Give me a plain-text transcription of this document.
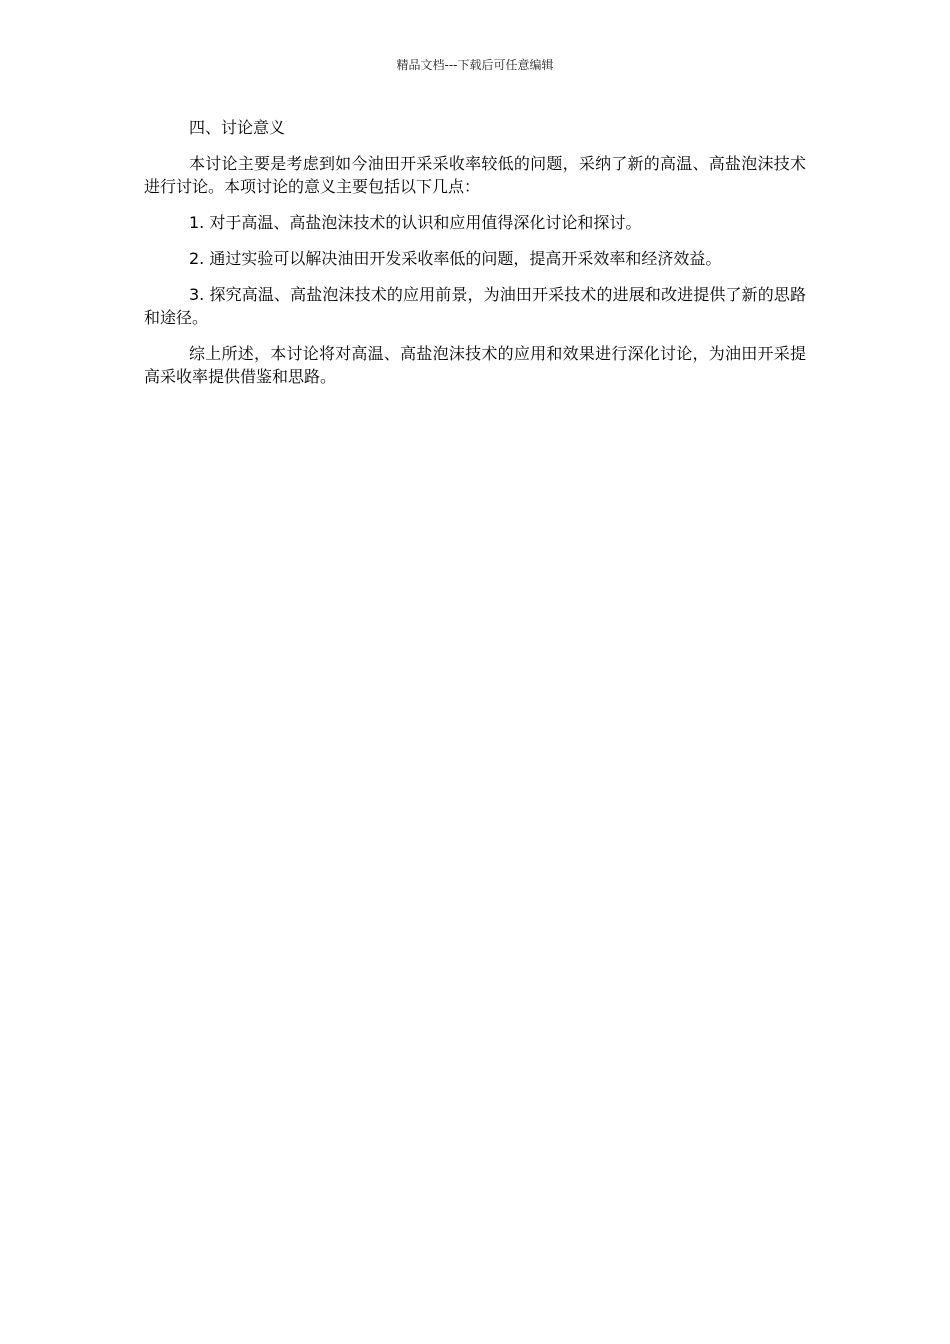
精品文档---下载后可任意编辑

四、讨论意义

本讨论主要是考虑到如今油田开采采收率较低的问题，采纳了新的高温、高盐泡沫技术进行讨论。本项讨论的意义主要包括以下几点：

1. 对于高温、高盐泡沫技术的认识和应用值得深化讨论和探讨。

2. 通过实验可以解决油田开发采收率低的问题，提高开采效率和经济效益。

3. 探究高温、高盐泡沫技术的应用前景，为油田开采技术的进展和改进提供了新的思路和途径。

综上所述，本讨论将对高温、高盐泡沫技术的应用和效果进行深化讨论，为油田开采提高采收率提供借鉴和思路。
